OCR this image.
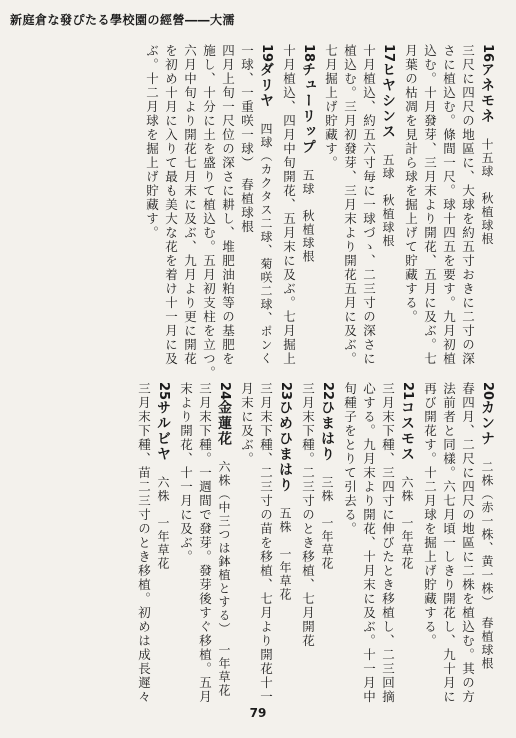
新庭倉な發ぴたる學校園の經營――大濡
16アネモネ　十五球　秋植球根
三尺に四尺の地區に、大球を約五寸おきに二寸の深
さに植込む。條間一尺。球十四五を要す。九月初植
込む。十月發芽、三月末より開花、五月に及ぶ。七
月葉の枯凋を見計ら球を掘上げて貯藏する。
17ヒヤシンス　五球　秋植球根
十月植込、約五六寸毎に一球づゝ、二三寸の深さに
植込む。三月初發芽、三月末より開花五月に及ぶ。
七月掘上げ貯藏す。
18チューリップ　五球　秋植球根
十月植込、四月中旬開花、五月末に及ぶ。七月掘上
19ダリヤ　四球（カクタス二球、菊咲二球、ポンく
一球、一重咲一球）　春植球根
四月上旬一尺位の深さに耕し、堆肥油粕等の基肥を
施し、十分に土を盛りて植込む。五月初支柱を立つ。
六月中旬より開花七月末に及ぶ、九月より更に開花
を初め十月に入りて最も美大な花を着け十一月に及
ぶ。十二月球を掘上げ貯藏す。
20カンナ　二株（赤一株、黄一株）　春植球根
春四月、二尺に四尺の地區に二株を植込む。其の方
法前者と同樣。六七月頃一しきり開花し、九十月に
再び開花す。十二月球を掘上げ貯藏する。
21コスモス　六株　一年草花
三月末下種、三四寸に伸びたとき移植し、二三回摘
心する。九月末より開花、十月末に及ぶ。十一月中
旬種子をとりて引去る。
22ひまはり　三株　一年草花
三月末下種。二三寸のとき移植、七月開花
23ひめひまはり　五株　一年草花
三月末下種、二三寸の苗を移植、七月より開花十一
月末に及ぶ。
24金蓮花　六株（中三つは鉢植とする）　一年草花
三月末下種。一週間で發芽。發芽後すぐ移植。五月
末より開花、十一月に及ぶ。
25サルビヤ　六株　一年草花
三月末下種、苗二三寸のとき移植。初めは成長遲々
79
